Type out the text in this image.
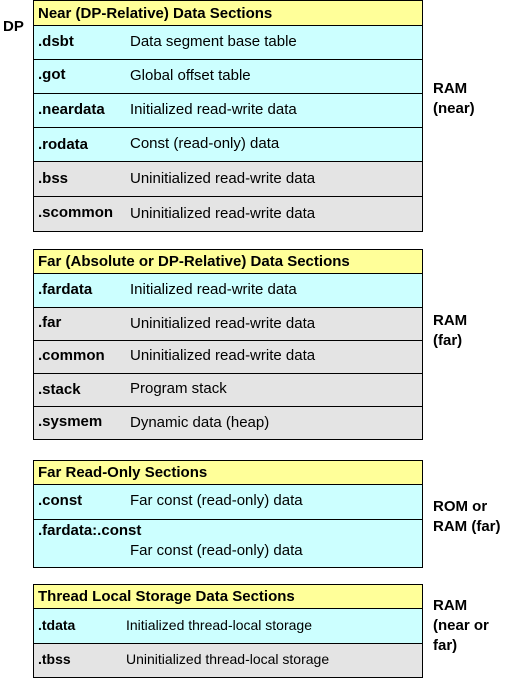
DP
Near (DP-Relative) Data Sections
.dsbt	Data segment base table
.got	Global offset table
.neardata Initialized read-write data
.rodata	Const (read-only) data
.bss	Uninitialized read-write data
.scommon Uninitialized read-write data
RAM
(near)
Far (Absolute or DP-Relative) Data Sections
.fardata	Initialized read-write data
.far	Uninitialized read-write data
.common Uninitialized read-write data
.stack	Program stack
.sysmem Dynamic data (heap)
RAM
(far)
Far Read-Only Sections
.const	Far const (read-only) data
.fardata:.const
Far const (read-only) data
ROM or
RAM (far)
Thread Local Storage Data Sections
.tdata	Initialized thread-local storage
.tbss	Uninitialized thread-local storage
RAM
(near or
far)
